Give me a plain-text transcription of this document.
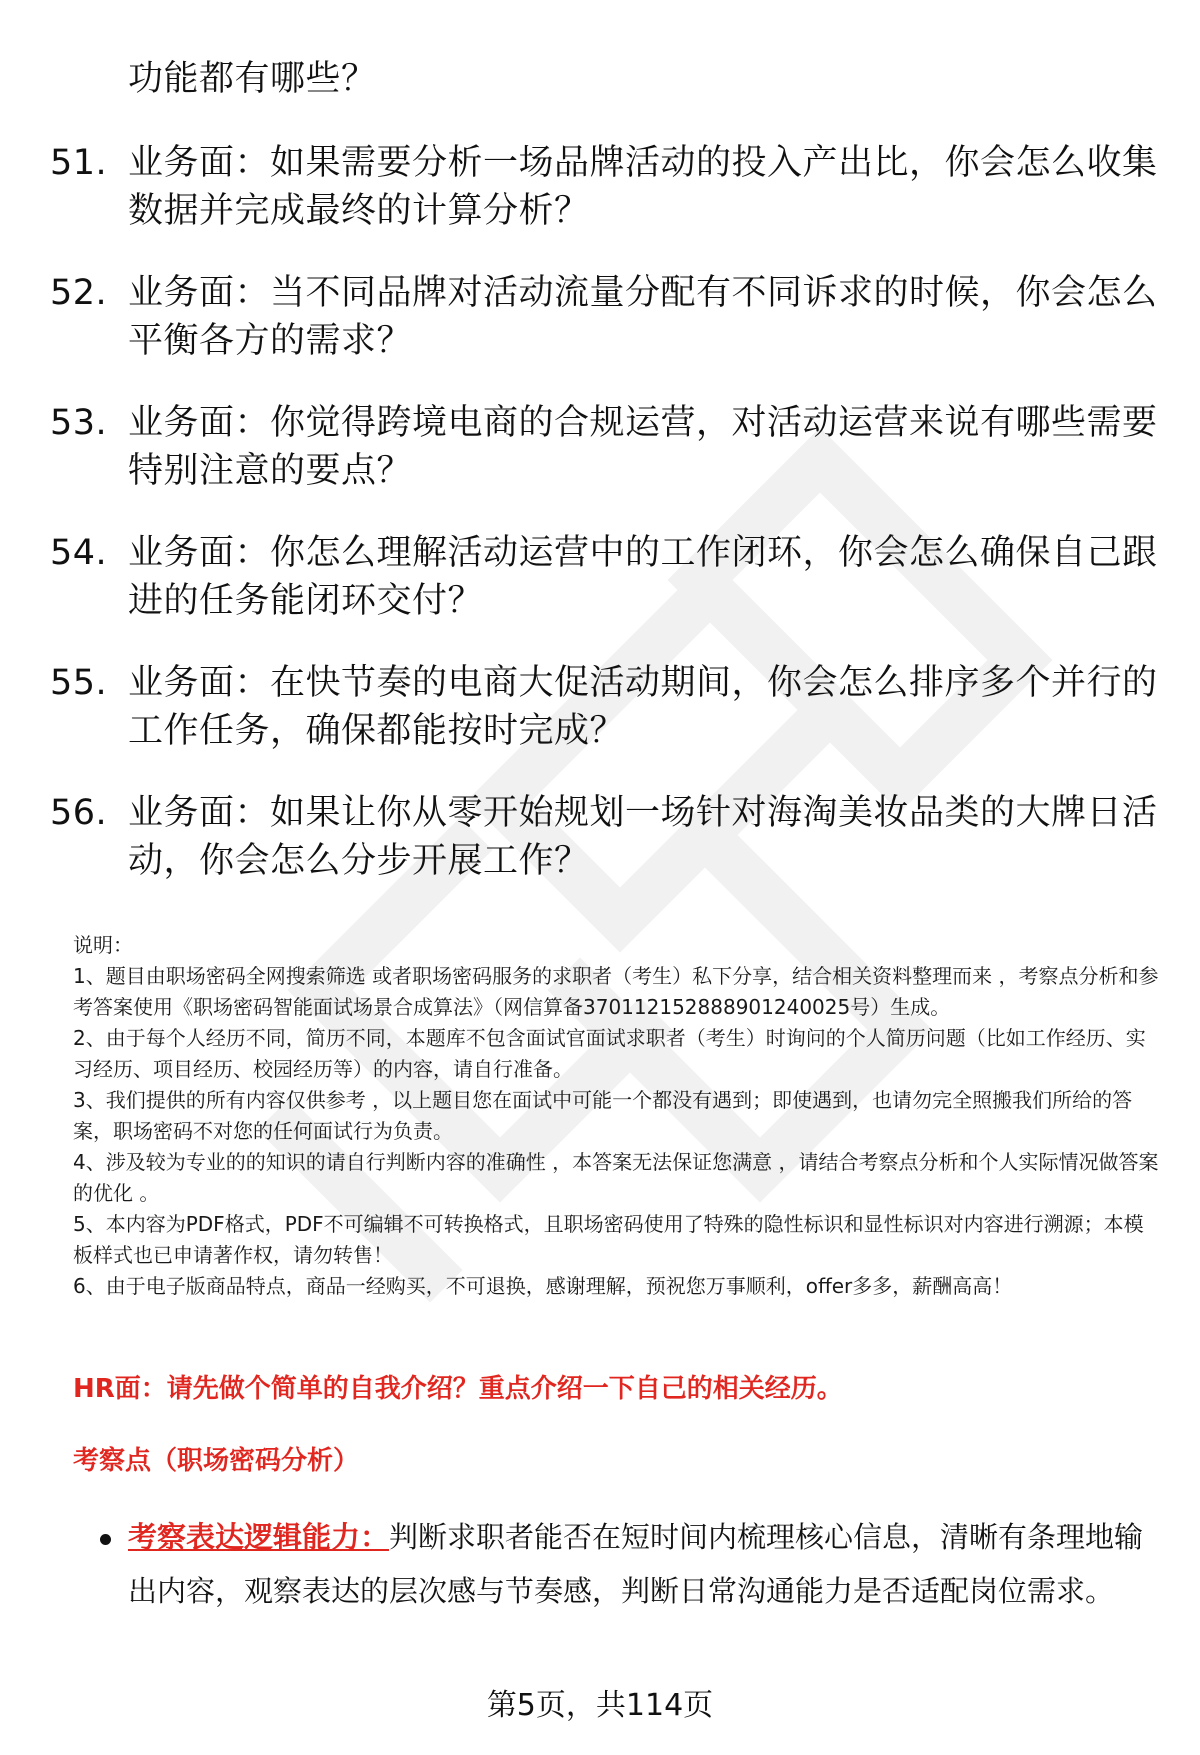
功能都有哪些？
51. 业务面：如果需要分析一场品牌活动的投入产出比，你会怎么收集数据并完成最终的计算分析？
52. 业务面：当不同品牌对活动流量分配有不同诉求的时候，你会怎么平衡各方的需求？
53. 业务面：你觉得跨境电商的合规运营，对活动运营来说有哪些需要特别注意的要点？
54. 业务面：你怎么理解活动运营中的工作闭环，你会怎么确保自己跟进的任务能闭环交付？
55. 业务面：在快节奏的电商大促活动期间，你会怎么排序多个并行的工作任务，确保都能按时完成？
56. 业务面：如果让你从零开始规划一场针对海淘美妆品类的大牌日活动，你会怎么分步开展工作？

说明：

1、题目由职场密码全网搜索筛选 或者职场密码服务的求职者（考生）私下分享，结合相关资料整理而来 ，考察点分析和参考答案使用《职场密码智能面试场景合成算法》（网信算备370112152888901240025号）生成。

2、由于每个人经历不同，简历不同，本题库不包含面试官面试求职者（考生）时询问的个人简历问题（比如工作经历、实习经历、项目经历、校园经历等）的内容，请自行准备。

3、我们提供的所有内容仅供参考 ，以上题目您在面试中可能一个都没有遇到；即使遇到，也请勿完全照搬我们所给的答案，职场密码不对您的任何面试行为负责。

4、涉及较为专业的的知识的请自行判断内容的准确性 ，本答案无法保证您满意 ，请结合考察点分析和个人实际情况做答案的优化 。

5、本内容为PDF格式，PDF不可编辑不可转换格式，且职场密码使用了特殊的隐性标识和显性标识对内容进行溯源；本模板样式也已申请著作权，请勿转售！

6、由于电子版商品特点，商品一经购买，不可退换，感谢理解，预祝您万事顺利，offer多多，薪酬高高！

HR面：请先做个简单的自我介绍？重点介绍一下自己的相关经历。
考察点（职场密码分析）
考察表达逻辑能力：判断求职者能否在短时间内梳理核心信息，清晰有条理地输出内容，观察表达的层次感与节奏感，判断日常沟通能力是否适配岗位需求。
第5页，共114页
